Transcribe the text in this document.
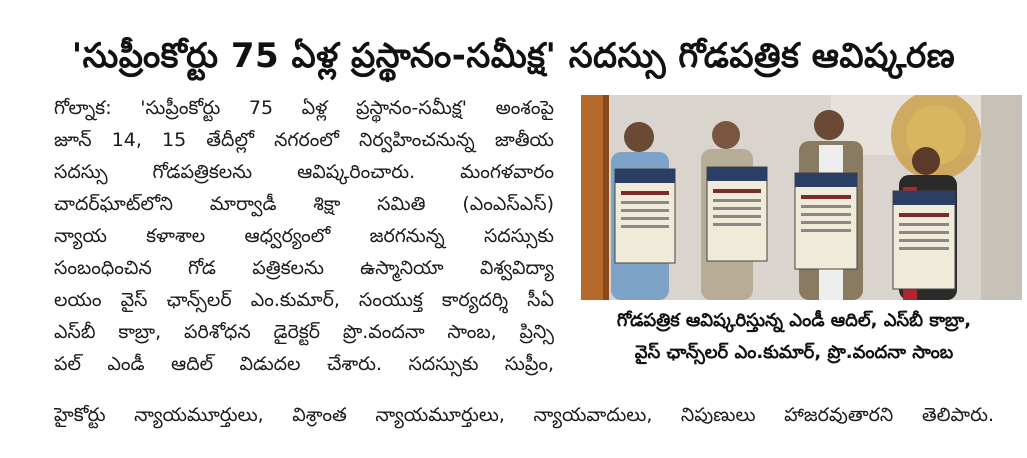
'సుప్రీంకోర్టు 75 ఏళ్ల ప్రస్థానం-సమీక్ష' సదస్సు గోడపత్రిక ఆవిష్కరణ
గోల్నాక: 'సుప్రీంకోర్టు 75 ఏళ్ల ప్రస్థానం-సమీక్ష' అంశంపై
జూన్ 14, 15 తేదీల్లో నగరంలో నిర్వహించనున్న జాతీయ
సదస్సు గోడపత్రికలను ఆవిష్కరించారు. మంగళవారం
చాదర్‌ఘాట్‌లోని మార్వాడీ శిక్షా సమితి (ఎంఎస్ఎస్)
న్యాయ కళాశాల ఆధ్వర్యంలో జరగనున్న సదస్సుకు
సంబంధించిన గోడ పత్రికలను ఉస్మానియా విశ్వవిద్యా
లయం వైస్ ఛాన్స్‌లర్ ఎం.కుమార్, సంయుక్త కార్యదర్శి సీఏ
ఎస్‌బీ కాబ్రా, పరిశోధన డైరెక్టర్ ప్రొ.వందనా సాంబ, ప్రిన్సి
పల్ ఎండీ ఆదిల్ విడుదల చేశారు. సదస్సుకు సుప్రీం,
హైకోర్టు న్యాయమూర్తులు, విశ్రాంత న్యాయమూర్తులు, న్యాయవాదులు, నిపుణులు హాజరవుతారని తెలిపారు.
గోడపత్రిక ఆవిష్కరిస్తున్న ఎండీ ఆదిల్, ఎస్‌బీ కాబ్రా,
వైస్ ఛాన్స్‌లర్ ఎం.కుమార్, ప్రొ.వందనా సాంబ
